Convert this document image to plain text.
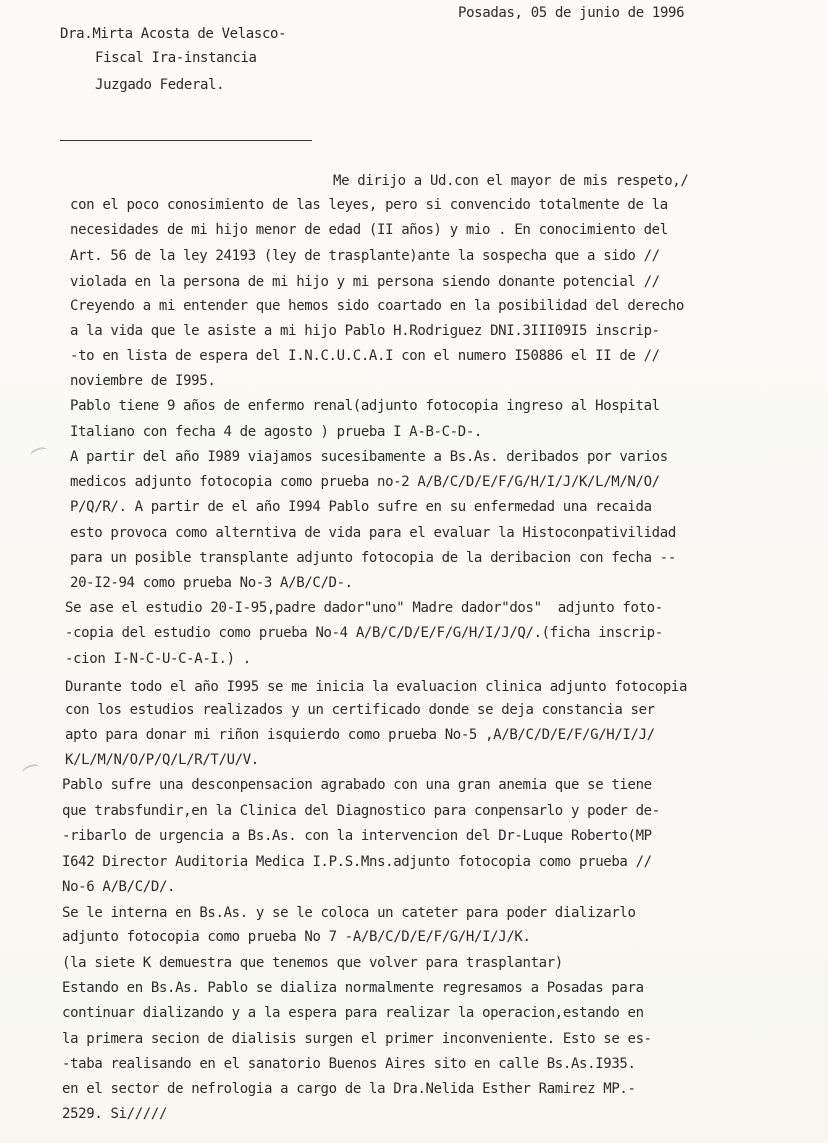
Posadas, 05 de junio de 1996
Dra.Mirta Acosta de Velasco-
Fiscal Ira-instancia
Juzgado Federal.
Me dirijo a Ud.con el mayor de mis respeto,/
con el poco conosimiento de las leyes, pero si convencido totalmente de la
necesidades de mi hijo menor de edad (II años) y mio . En conocimiento del
Art. 56 de la ley 24193 (ley de trasplante)ante la sospecha que a sido //
violada en la persona de mi hijo y mi persona siendo donante potencial //
Creyendo a mi entender que hemos sido coartado en la posibilidad del derecho
a la vida que le asiste a mi hijo Pablo H.Rodriguez DNI.3III09I5 inscrip-
-to en lista de espera del I.N.C.U.C.A.I con el numero I50886 el II de //
noviembre de I995.
Pablo tiene 9 años de enfermo renal(adjunto fotocopia ingreso al Hospital
Italiano con fecha 4 de agosto ) prueba I A-B-C-D-.
A partir del año I989 viajamos sucesibamente a Bs.As. deribados por varios
medicos adjunto fotocopia como prueba no-2 A/B/C/D/E/F/G/H/I/J/K/L/M/N/O/
P/Q/R/. A partir de el año I994 Pablo sufre en su enfermedad una recaida
esto provoca como alterntiva de vida para el evaluar la Histoconpativilidad
para un posible transplante adjunto fotocopia de la deribacion con fecha --
20-I2-94 como prueba No-3 A/B/C/D-.
Se ase el estudio 20-I-95,padre dador"uno" Madre dador"dos"  adjunto foto-
-copia del estudio como prueba No-4 A/B/C/D/E/F/G/H/I/J/Q/.(ficha inscrip-
-cion I-N-C-U-C-A-I.) .
Durante todo el año I995 se me inicia la evaluacion clinica adjunto fotocopia
con los estudios realizados y un certificado donde se deja constancia ser
apto para donar mi riñon isquierdo como prueba No-5 ,A/B/C/D/E/F/G/H/I/J/
K/L/M/N/O/P/Q/L/R/T/U/V.
Pablo sufre una desconpensacion agrabado con una gran anemia que se tiene
que trabsfundir,en la Clinica del Diagnostico para conpensarlo y poder de-
-ribarlo de urgencia a Bs.As. con la intervencion del Dr-Luque Roberto(MP
I642 Director Auditoria Medica I.P.S.Mns.adjunto fotocopia como prueba //
No-6 A/B/C/D/.
Se le interna en Bs.As. y se le coloca un cateter para poder dializarlo
adjunto fotocopia como prueba No 7 -A/B/C/D/E/F/G/H/I/J/K.
(la siete K demuestra que tenemos que volver para trasplantar)
Estando en Bs.As. Pablo se dializa normalmente regresamos a Posadas para
continuar dializando y a la espera para realizar la operacion,estando en
la primera secion de dialisis surgen el primer inconveniente. Esto se es-
-taba realisando en el sanatorio Buenos Aires sito en calle Bs.As.I935.
en el sector de nefrologia a cargo de la Dra.Nelida Esther Ramirez MP.-
2529. Si/////
